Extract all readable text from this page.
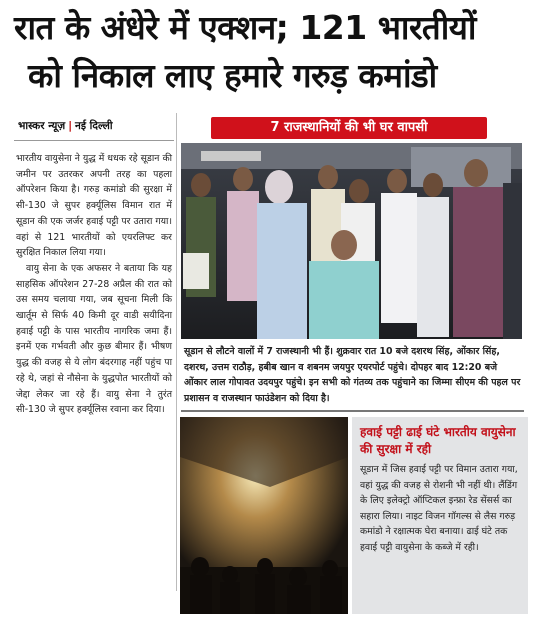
रात के अंधेरे में एक्शन; 121 भारतीयों
को निकाल लाए हमारे गरुड़ कमांडो
भास्कर न्यूज़ | नई दिल्ली

भारतीय वायुसेना ने युद्ध में धधक रहे सूडान की जमीन पर उतरकर अपनी तरह का पहला ऑपरेशन किया है। गरुड़ कमांडो की सुरक्षा में सी-130 जे सुपर हर्क्यूलिस विमान रात में सूडान की एक जर्जर हवाई पट्टी पर उतारा गया। वहां से 121 भारतीयों को एयरलिफ्ट कर सुरक्षित निकाल लिया गया।

वायु सेना के एक अफसर ने बताया कि यह साहसिक ऑपरेशन 27-28 अप्रैल की रात को उस समय चलाया गया, जब सूचना मिली कि खार्तूम से सिर्फ 40 किमी दूर वाडी सयीदिना हवाई पट्टी के पास भारतीय नागरिक जमा हैं। इनमें एक गर्भवती और कुछ बीमार हैं। भीषण युद्ध की वजह से ये लोग बंदरगाह नहीं पहुंच पा रहे थे, जहां से नौसेना के युद्धपोत भारतीयों को जेद्दा लेकर जा रहे हैं। वायु सेना ने तुरंत सी-130 जे सुपर हर्क्यूलिस रवाना कर दिया।

7 राजस्थानियों की भी घर वापसी
सूडान से लौटने वालों में 7 राजस्थानी भी हैं। शुक्रवार रात 10 बजे दशरथ सिंह, ओंकार सिंह, दशरथ, उत्तम राठौड़, हबीब खान व शबनम जयपुर एयरपोर्ट पहुंचे। दोपहर बाद 12:20 बजे ओंकार लाल गोपावत उदयपुर पहुंचे। इन सभी को गंतव्य तक पहुंचाने का जिम्मा सीएम की पहल पर प्रशासन व राजस्थान फाउंडेशन को दिया है।
हवाई पट्टी ढाई घंटे भारतीय वायुसेना की सुरक्षा में रही
सूडान में जिस हवाई पट्टी पर विमान उतारा गया, वहां युद्ध की वजह से रोशनी भी नहीं थी। लैंडिंग के लिए इलेक्ट्रो ऑप्टिकल इन्फ्रा रेड सेंसर्स का सहारा लिया। नाइट विजन गॉगल्स से लैस गरुड़ कमांडो ने रक्षात्मक घेरा बनाया। ढाई घंटे तक हवाई पट्टी वायुसेना के कब्जे में रही।
